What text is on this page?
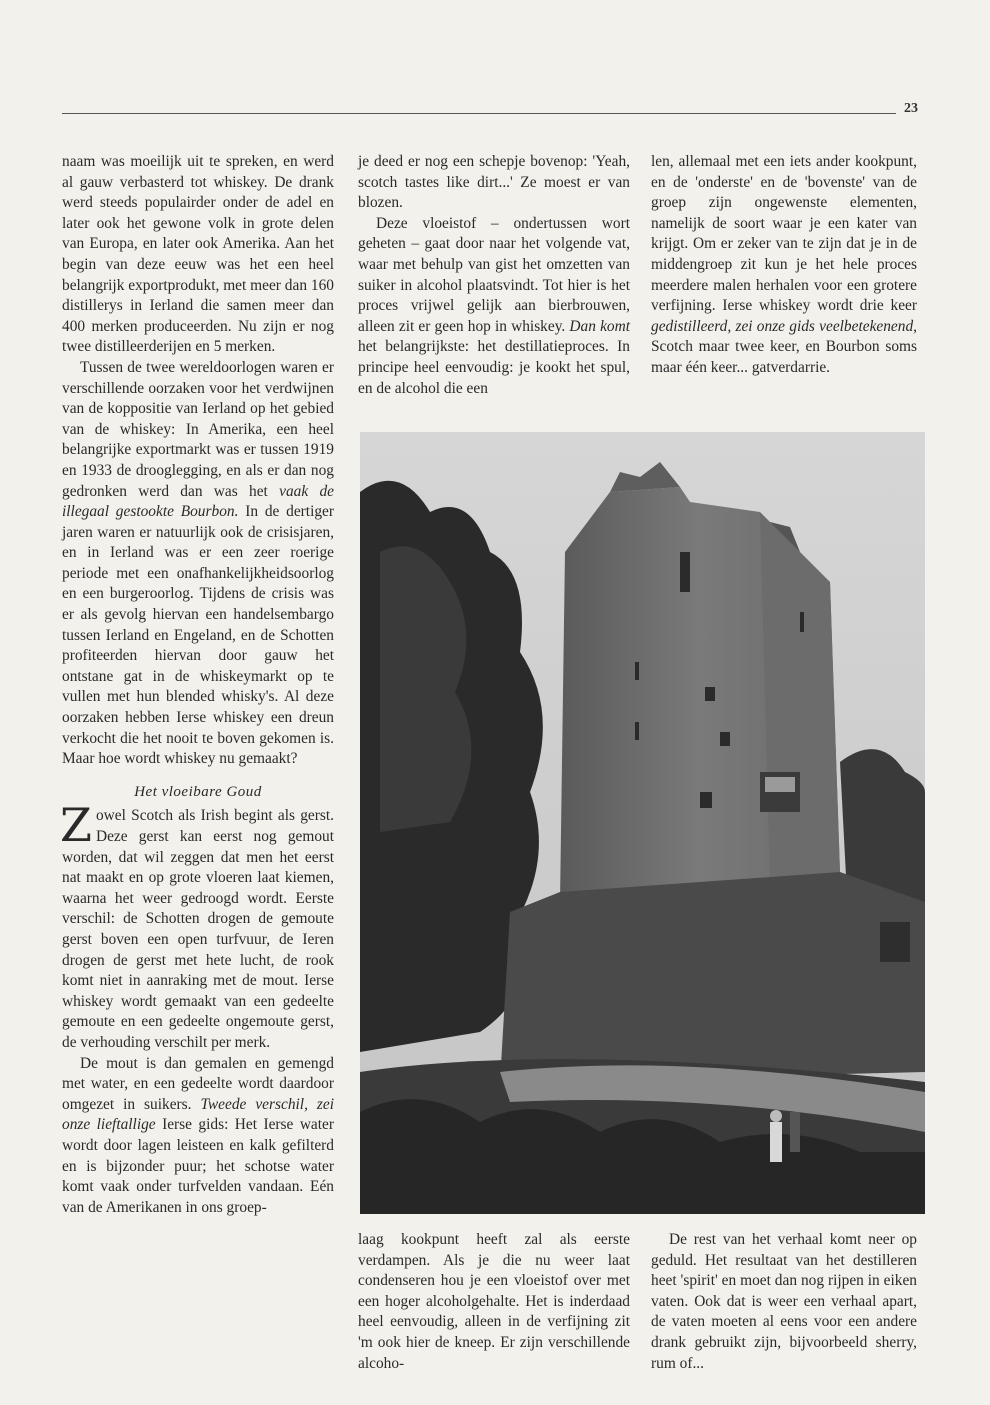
23

naam was moeilijk uit te spreken, en werd al gauw verbasterd tot whiskey. De drank werd steeds populairder onder de adel en later ook het gewone volk in grote delen van Europa, en later ook Amerika. Aan het begin van deze eeuw was het een heel belangrijk exportprodukt, met meer dan 160 distillerys in Ierland die samen meer dan 400 merken produceerden. Nu zijn er nog twee distilleerderijen en 5 merken.

Tussen de twee wereldoorlogen waren er verschillende oorzaken voor het verdwijnen van de koppositie van Ierland op het gebied van de whiskey: In Amerika, een heel belangrijke exportmarkt was er tussen 1919 en 1933 de drooglegging, en als er dan nog gedronken werd dan was het vaak de illegaal gestookte Bourbon. In de dertiger jaren waren er natuurlijk ook de crisisjaren, en in Ierland was er een zeer roerige periode met een onafhankelijkheidsoorlog en een burgeroorlog. Tijdens de crisis was er als gevolg hiervan een handelsembargo tussen Ierland en Engeland, en de Schotten profiteerden hiervan door gauw het ontstane gat in de whiskeymarkt op te vullen met hun blended whisky's. Al deze oorzaken hebben Ierse whiskey een dreun verkocht die het nooit te boven gekomen is. Maar hoe wordt whiskey nu gemaakt?

Het vloeibare Goud

Zowel Scotch als Irish begint als gerst. Deze gerst kan eerst nog gemout worden, dat wil zeggen dat men het eerst nat maakt en op grote vloeren laat kiemen, waarna het weer gedroogd wordt. Eerste verschil: de Schotten drogen de gemoute gerst boven een open turfvuur, de Ieren drogen de gerst met hete lucht, de rook komt niet in aanraking met de mout. Ierse whiskey wordt gemaakt van een gedeelte gemoute en een gedeelte ongemoute gerst, de verhouding verschilt per merk.

De mout is dan gemalen en gemengd met water, en een gedeelte wordt daardoor omgezet in suikers. Tweede verschil, zei onze lieftallige Ierse gids: Het Ierse water wordt door lagen leisteen en kalk gefilterd en is bijzonder puur; het schotse water komt vaak onder turfvelden vandaan. Eén van de Amerikanen in ons groep-

je deed er nog een schepje bovenop: 'Yeah, scotch tastes like dirt...' Ze moest er van blozen.

Deze vloeistof – ondertussen wort geheten – gaat door naar het volgende vat, waar met behulp van gist het omzetten van suiker in alcohol plaatsvindt. Tot hier is het proces vrijwel gelijk aan bierbrouwen, alleen zit er geen hop in whiskey. Dan komt het belangrijkste: het destillatieproces. In principe heel eenvoudig: je kookt het spul, en de alcohol die een

len, allemaal met een iets ander kookpunt, en de 'onderste' en de 'bovenste' van de groep zijn ongewenste elementen, namelijk de soort waar je een kater van krijgt. Om er zeker van te zijn dat je in de middengroep zit kun je het hele proces meerdere malen herhalen voor een grotere verfijning. Ierse whiskey wordt drie keer gedistilleerd, zei onze gids veelbetekenend, Scotch maar twee keer, en Bourbon soms maar één keer... gatverdarrie.

laag kookpunt heeft zal als eerste verdampen. Als je die nu weer laat condenseren hou je een vloeistof over met een hoger alcoholgehalte. Het is inderdaad heel eenvoudig, alleen in de verfijning zit 'm ook hier de kneep. Er zijn verschillende alcoho-

De rest van het verhaal komt neer op geduld. Het resultaat van het destilleren heet 'spirit' en moet dan nog rijpen in eiken vaten. Ook dat is weer een verhaal apart, de vaten moeten al eens voor een andere drank gebruikt zijn, bijvoorbeeld sherry, rum of...
